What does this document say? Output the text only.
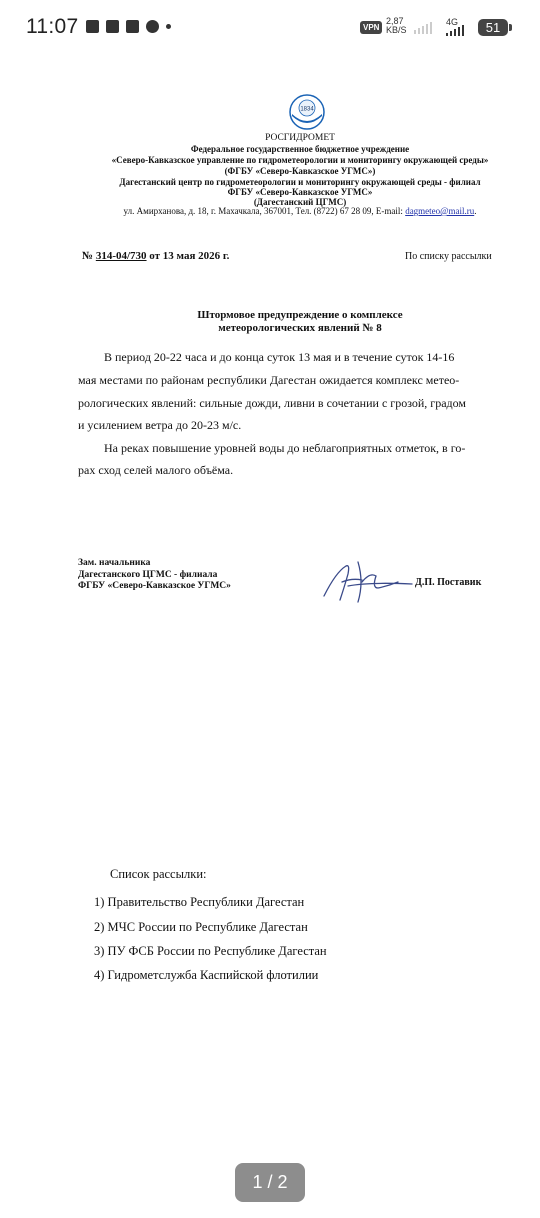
11:07	VPN
2,87
KB/S
4G	51
1834
РОСГИДРОМЕТ
Федеральное государственное бюджетное учреждение
«Северо-Кавказское управление по гидрометеорологии и мониторингу окружающей среды»
(ФГБУ «Северо-Кавказское УГМС»)
Дагестанский центр по гидрометеорологии и мониторингу окружающей среды - филиал
ФГБУ «Северо-Кавказское УГМС»
(Дагестанский ЦГМС)
ул. Амирханова, д. 18, г. Махачкала, 367001, Тел. (8722) 67 28 09, E-mail: dagmeteo@mail.ru.
№ 314-04/730 от 13 мая 2026 г.	По списку рассылки
Штормовое предупреждение о комплексе
метеорологических явлений № 8
В период 20-22 часа и до конца суток 13 мая и в течение суток 14-16
мая местами по районам республики Дагестан ожидается комплекс метео-
рологических явлений: сильные дожди, ливни в сочетании с грозой, градом
и усилением ветра до 20-23 м/с.
На реках повышение уровней воды до неблагоприятных отметок, в го-
рах сход селей малого объёма.
Зам. начальника
Дагестанского ЦГМС - филиала
ФГБУ «Северо-Кавказское УГМС»	Д.П. Поставик
Список рассылки:
1) Правительство Республики Дагестан
2) МЧС России по Республике Дагестан
3) ПУ ФСБ России по Республике Дагестан
4) Гидрометслужба Каспийской флотилии
1 / 2
